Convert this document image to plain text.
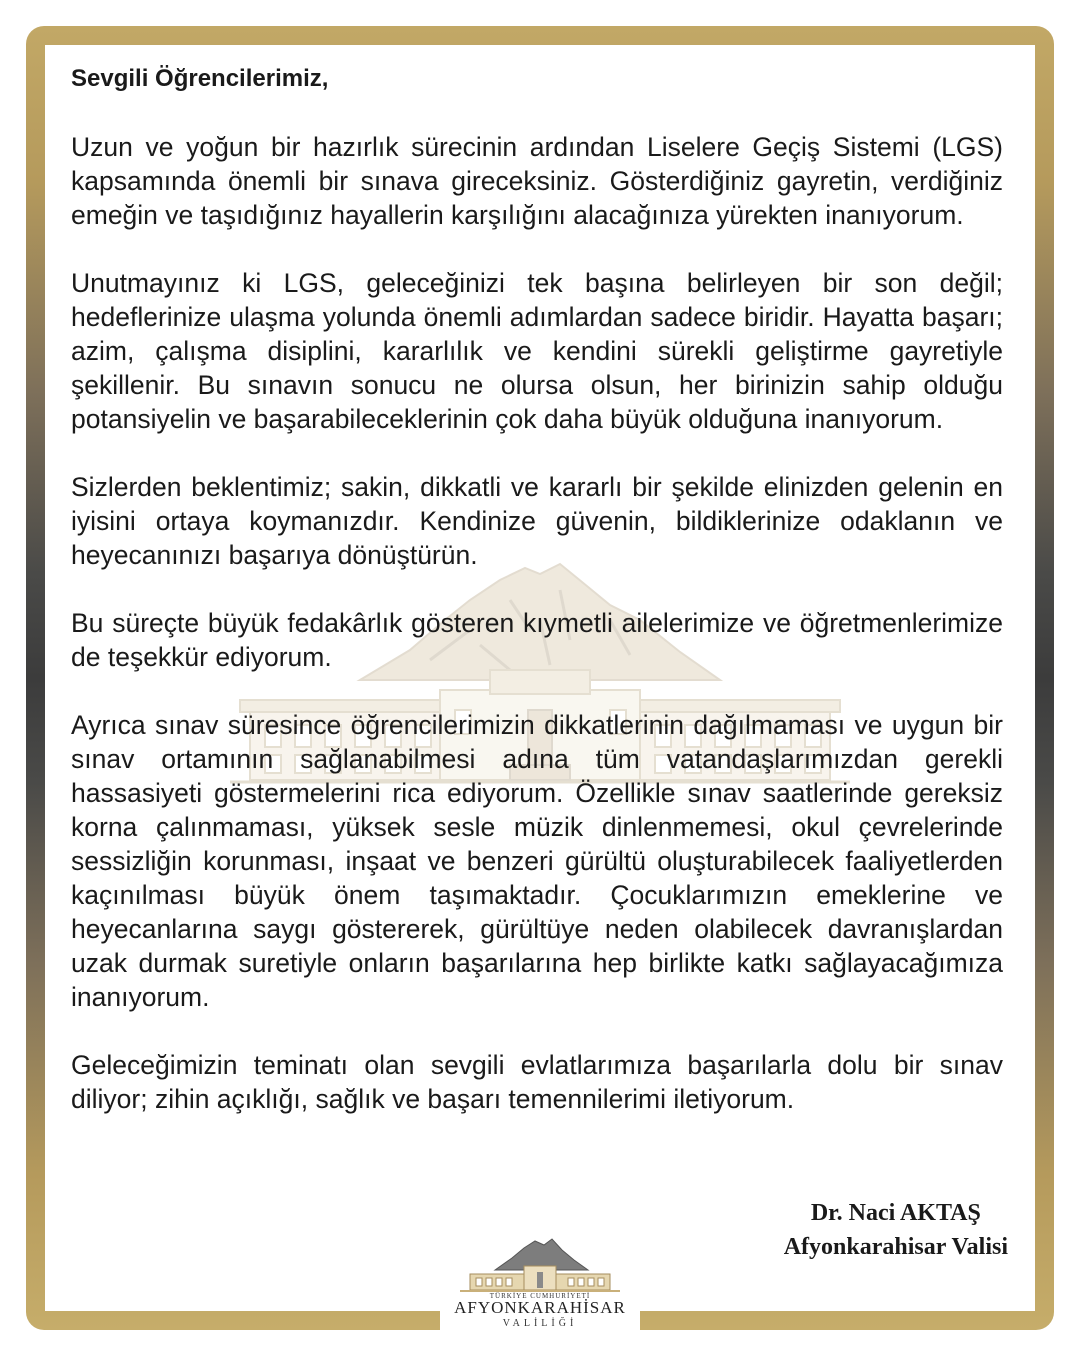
Sevgili Öğrencilerimiz,

Uzun ve yoğun bir hazırlık sürecinin ardından Liselere Geçiş Sistemi (LGS) kapsamında önemli bir sınava gireceksiniz. Gösterdiğiniz gayretin, verdiğiniz emeğin ve taşıdığınız hayallerin karşılığını alacağınıza yürekten inanıyorum.

Unutmayınız ki LGS, geleceğinizi tek başına belirleyen bir son değil; hedeflerinize ulaşma yolunda önemli adımlardan sadece biridir. Hayatta başarı; azim, çalışma disiplini, kararlılık ve kendini sürekli geliştirme gayretiyle şekillenir. Bu sınavın sonucu ne olursa olsun, her birinizin sahip olduğu potansiyelin ve başarabileceklerinin çok daha büyük olduğuna inanıyorum.

Sizlerden beklentimiz; sakin, dikkatli ve kararlı bir şekilde elinizden gelenin en iyisini ortaya koymanızdır. Kendinize güvenin, bildiklerinize odaklanın ve heyecanınızı başarıya dönüştürün.

Bu süreçte büyük fedakârlık gösteren kıymetli ailelerimize ve öğretmenlerimize de teşekkür ediyorum.

Ayrıca sınav süresince öğrencilerimizin dikkatlerinin dağılmaması ve uygun bir sınav ortamının sağlanabilmesi adına tüm vatandaşlarımızdan gerekli hassasiyeti göstermelerini rica ediyorum. Özellikle sınav saatlerinde gereksiz korna çalınmaması, yüksek sesle müzik dinlenmemesi, okul çevrelerinde sessizliğin korunması, inşaat ve benzeri gürültü oluşturabilecek faaliyetlerden kaçınılması büyük önem taşımaktadır. Çocuklarımızın emeklerine ve heyecanlarına saygı göstererek, gürültüye neden olabilecek davranışlardan uzak durmak suretiyle onların başarılarına hep birlikte katkı sağlayacağımıza inanıyorum.

Geleceğimizin teminatı olan sevgili evlatlarımıza başarılarla dolu bir sınav diliyor; zihin açıklığı, sağlık ve başarı temennilerimi iletiyorum.

Dr. Naci AKTAŞ
Afyonkarahisar Valisi
TÜRKİYE CUMHURİYETİ
AFYONKARAHİSAR
VALİLİĞİ
